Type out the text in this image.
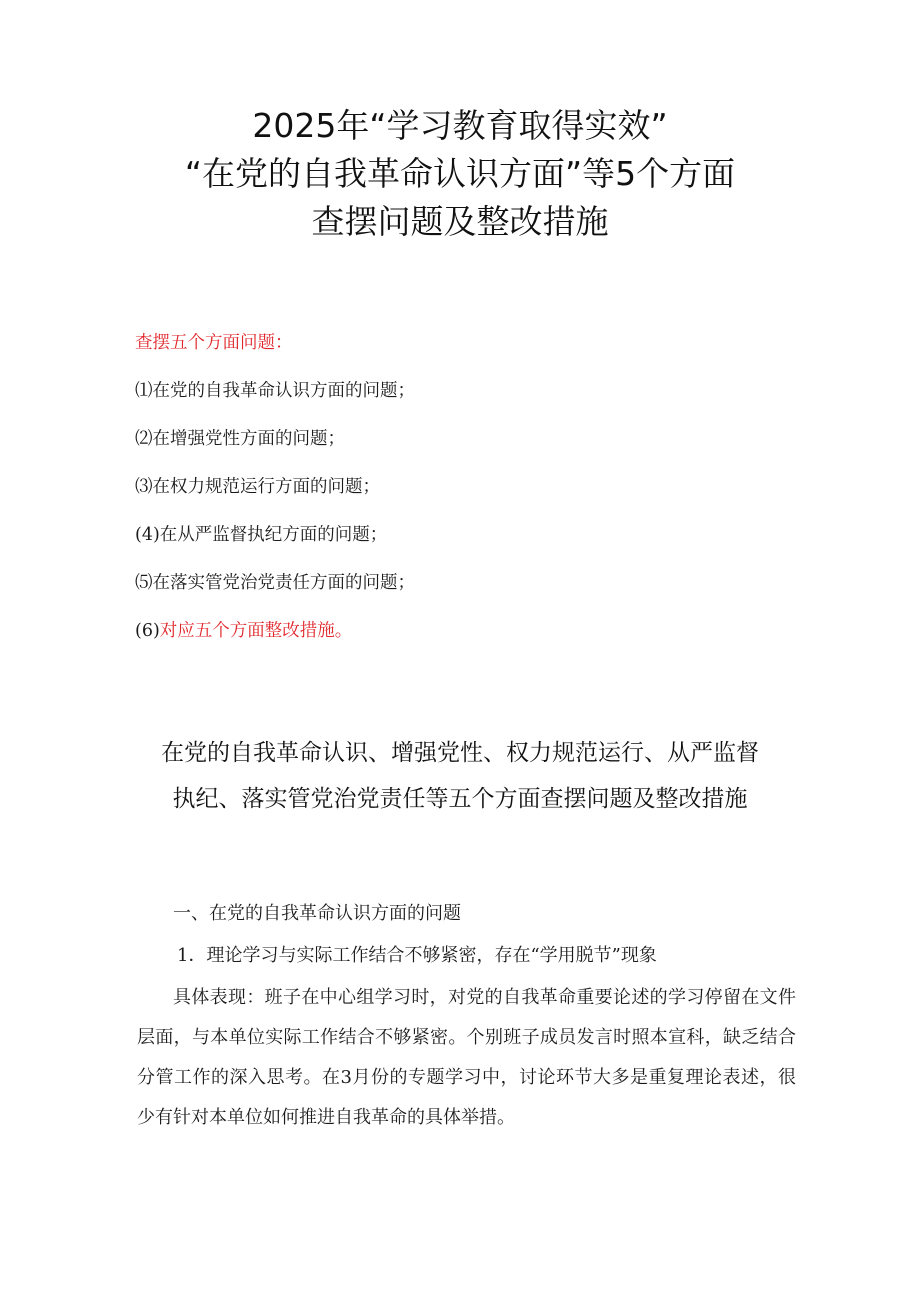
2025年“学习教育取得实效”
“在党的自我革命认识方面”等5个方面
查摆问题及整改措施
查摆五个方面问题：
⑴在党的自我革命认识方面的问题；
⑵在增强党性方面的问题；
⑶在权力规范运行方面的问题；
(4)在从严监督执纪方面的问题；
⑸在落实管党治党责任方面的问题；
(6)对应五个方面整改措施。
在党的自我革命认识、增强党性、权力规范运行、从严监督
执纪、落实管党治党责任等五个方面查摆问题及整改措施
一、在党的自我革命认识方面的问题
1．理论学习与实际工作结合不够紧密，存在“学用脱节”现象
具体表现：班子在中心组学习时，对党的自我革命重要论述的学习停留在文件层面，与本单位实际工作结合不够紧密。个别班子成员发言时照本宣科，缺乏结合分管工作的深入思考。在3月份的专题学习中，讨论环节大多是重复理论表述，很少有针对本单位如何推进自我革命的具体举措。
